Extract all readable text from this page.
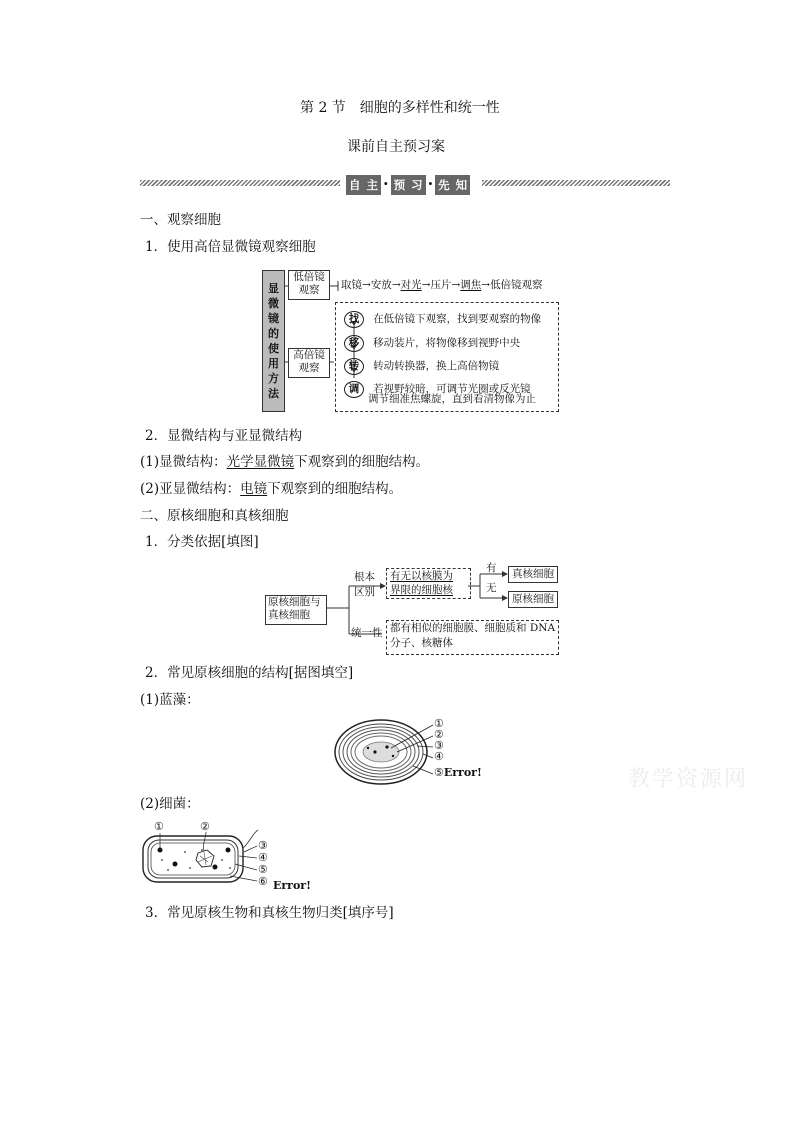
第 2 节　细胞的多样性和统一性
课前自主预习案
自 主 · 预 习 · 先 知
一、观察细胞
1．使用高倍显微镜观察细胞
显微镜的使用方法
低倍镜
观察	取镜→安放→对光→压片→调焦→低倍镜观察
高倍镜
观察
找 在低倍镜下观察，找到要观察的物像
移 移动装片，将物像移到视野中央
转 转动转换器，换上高倍物镜
调 若视野较暗，可调节光圈或反光镜
调节细准焦螺旋，直到看清物像为止
2．显微结构与亚显微结构
(1)显微结构：光学显微镜下观察到的细胞结构。
(2)亚显微结构：电镜下观察到的细胞结构。
二、原核细胞和真核细胞
1．分类依据[填图]
原核细胞与
真核细胞
根本
区别
有无以核膜为
界限的细胞核
有
无
真核细胞
原核细胞
统一性 都有相似的细胞膜、细胞质和 DNA
分子、核糖体
2．常见原核细胞的结构[据图填空]
(1)蓝藻：
①
②
③
④
⑤Error!
(2)细菌：
①	②
③
④
⑤
⑥ Error!
3．常见原核生物和真核生物归类[填序号]
教学资源网
